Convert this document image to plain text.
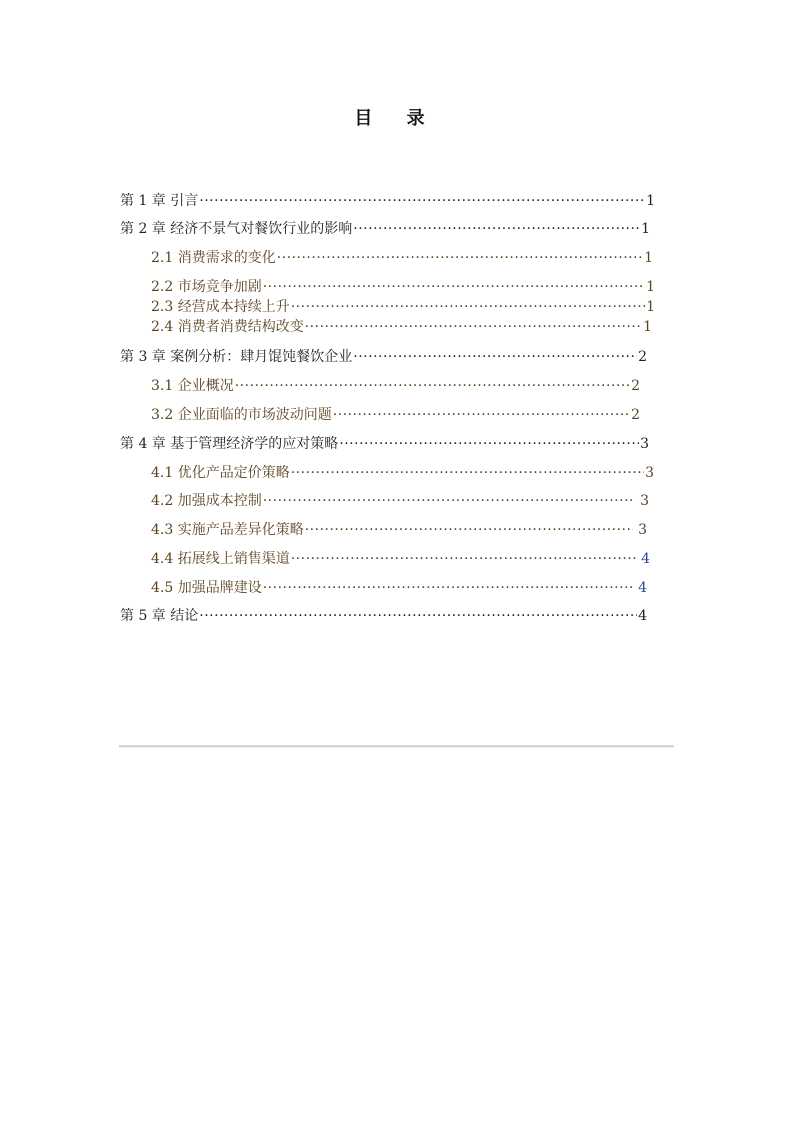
目 录
第 1 章 引言 ·····	1
第 2 章 经济不景气对餐饮行业的影响 ·····	1
2.1 消费需求的变化 ·····	1
2.2 市场竞争加剧 ·····	1
2.3 经营成本持续上升 ·····	1
2.4 消费者消费结构改变 ·····	1
第 3 章 案例分析：肆月馄饨餐饮企业 ·····	2
3.1 企业概况 ·····	2
3.2 企业面临的市场波动问题 ·····	2
第 4 章 基于管理经济学的应对策略 ·····	3
4.1 优化产品定价策略 ·····	3
4.2 加强成本控制 ·····	3
4.3 实施产品差异化策略 ·····	3
4.4 拓展线上销售渠道 ·····	4
4.5 加强品牌建设 ·····	4
第 5 章 结论 ·····	4
